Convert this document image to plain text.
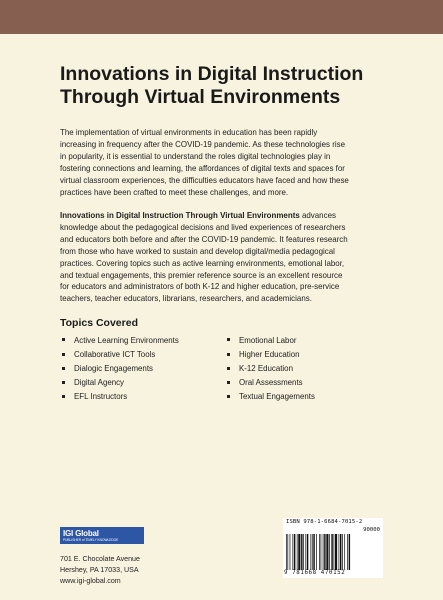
Innovations in Digital Instruction
Through Virtual Environments

The implementation of virtual environments in education has been rapidly
increasing in frequency after the COVID-19 pandemic. As these technologies rise
in popularity, it is essential to understand the roles digital technologies play in
fostering connections and learning, the affordances of digital texts and spaces for
virtual classroom experiences, the difficulties educators have faced and how these
practices have been crafted to meet these challenges, and more.

Innovations in Digital Instruction Through Virtual Environments advances
knowledge about the pedagogical decisions and lived experiences of researchers
and educators both before and after the COVID-19 pandemic. It features research
from those who have worked to sustain and develop digital/media pedagogical
practices. Covering topics such as active learning environments, emotional labor,
and textual engagements, this premier reference source is an excellent resource
for educators and administrators of both K-12 and higher education, pre-service
teachers, teacher educators, librarians, researchers, and academicians.

Topics Covered
Active Learning Environments
Collaborative ICT Tools
Dialogic Engagements
Digital Agency
EFL Instructors
Emotional Labor
Higher Education
K-12 Education
Oral Assessments
Textual Engagements
IGI Global
PUBLISHER of TIMELY KNOWLEDGE
701 E. Chocolate Avenue
Hershey, PA 17033, USA
www.igi-global.com
ISBN 978-1-6684-7015-2
90000
9 781668 470152
